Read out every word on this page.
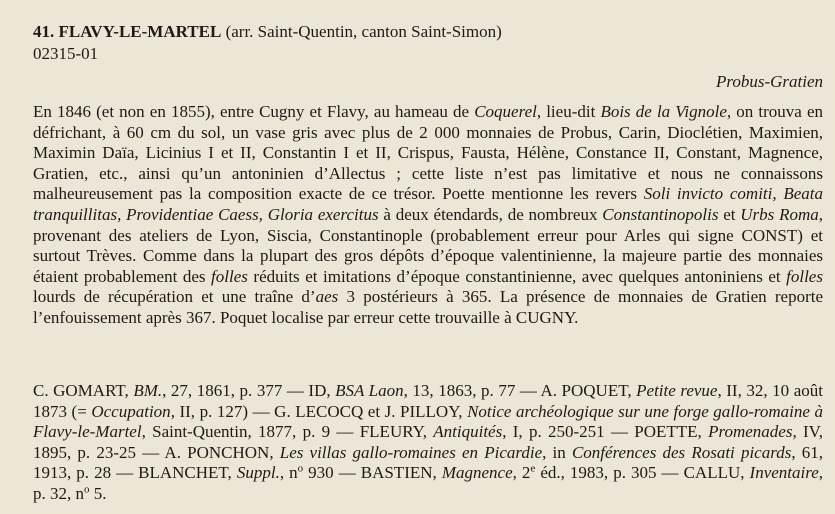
41. FLAVY-LE-MARTEL (arr. Saint-Quentin, canton Saint-Simon)
02315-01
Probus-Gratien

En 1846 (et non en 1855), entre Cugny et Flavy, au hameau de Coquerel, lieu-dit Bois de la Vignole, on trouva en défrichant, à 60 cm du sol, un vase gris avec plus de 2 000 monnaies de Probus, Carin, Dioclétien, Maximien, Maximin Daïa, Licinius I et II, Constantin I et II, Crispus, Fausta, Hélène, Constance II, Constant, Magnence, Gratien, etc., ainsi qu’un antoninien d’Allectus ; cette liste n’est pas limitative et nous ne connaissons malheureusement pas la composition exacte de ce trésor. Poette mentionne les revers Soli invicto comiti, Beata tranquillitas, Providentiae Caess, Gloria exercitus à deux étendards, de nombreux Constantinopolis et Urbs Roma, provenant des ateliers de Lyon, Siscia, Constantinople (probablement erreur pour Arles qui signe CONST) et surtout Trèves. Comme dans la plupart des gros dépôts d’époque valentinienne, la majeure partie des monnaies étaient probablement des folles réduits et imitations d’époque constantinienne, avec quelques antoniniens et folles lourds de récupération et une traîne d’aes 3 postérieurs à 365. La présence de monnaies de Gratien reporte l’enfouissement après 367. Poquet localise par erreur cette trouvaille à CUGNY.

C. GOMART, BM., 27, 1861, p. 377 — ID, BSA Laon, 13, 1863, p. 77 — A. POQUET, Petite revue, II, 32, 10 août 1873 (= Occupation, II, p. 127) — G. LECOCQ et J. PILLOY, Notice archéologique sur une forge gallo-romaine à Flavy-le-Martel, Saint-Quentin, 1877, p. 9 — FLEURY, Antiquités, I, p. 250-251 — POETTE, Promenades, IV, 1895, p. 23-25 — A. PONCHON, Les villas gallo-romaines en Picardie, in Conférences des Rosati picards, 61, 1913, p. 28 — BLANCHET, Suppl., $n^o$ 930 — BASTIEN, Magnence, 2e éd., 1983, p. 305 — CALLU, Inventaire, p. 32, $n^o$ 5.
